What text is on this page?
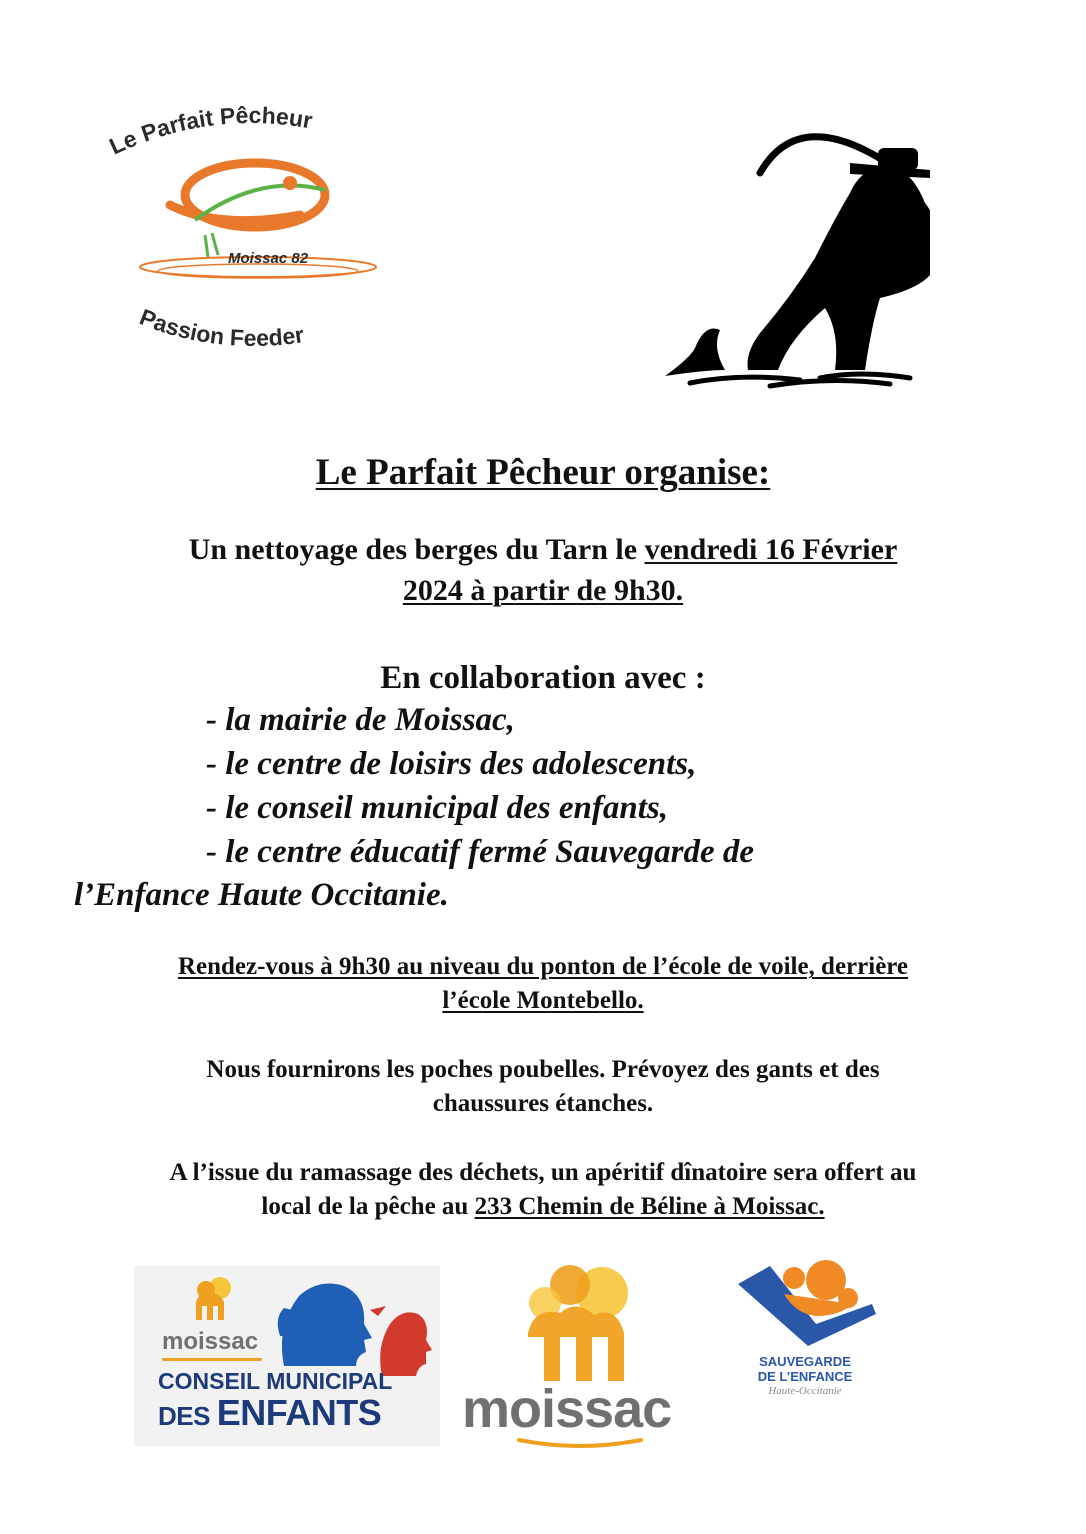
Le Parfait Pêcheur
Moissac 82
Passion Feeder
Le Parfait Pêcheur organise:
Un nettoyage des berges du Tarn le vendredi 16 Février
2024 à partir de 9h30.
En collaboration avec :
- la mairie de Moissac,
- le centre de loisirs des adolescents,
- le conseil municipal des enfants,
- le centre éducatif fermé Sauvegarde de
l’Enfance Haute Occitanie.
Rendez-vous à 9h30 au niveau du ponton de l’école de voile, derrière
l’école Montebello.
Nous fournirons les poches poubelles. Prévoyez des gants et des
chaussures étanches.
A l’issue du ramassage des déchets, un apéritif dînatoire sera offert au
local de la pêche au 233 Chemin de Béline à Moissac.
moissac
CONSEIL MUNICIPAL
DES ENFANTS moissac
SAUVEGARDE
DE L’ENFANCE
Haute-Occitanie
